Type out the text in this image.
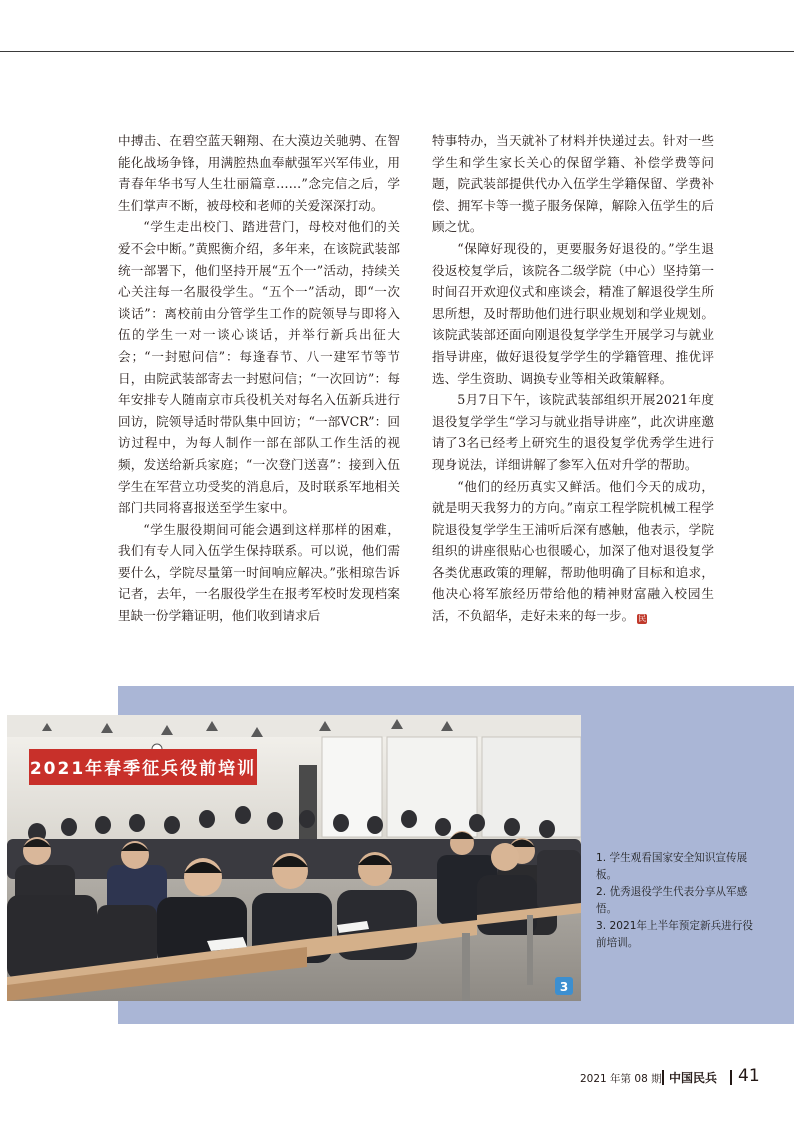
中搏击、在碧空蓝天翱翔、在大漠边关驰骋、在智能化战场争锋，用满腔热血奉献强军兴军伟业，用青春年华书写人生壮丽篇章……”念完信之后，学生们掌声不断，被母校和老师的关爱深深打动。

“学生走出校门、踏进营门，母校对他们的关爱不会中断。”黄熙衡介绍，多年来，在该院武装部统一部署下，他们坚持开展“五个一”活动，持续关心关注每一名服役学生。“五个一”活动，即“一次谈话”：离校前由分管学生工作的院领导与即将入伍的学生一对一谈心谈话，并举行新兵出征大会；“一封慰问信”：每逢春节、八一建军节等节日，由院武装部寄去一封慰问信；“一次回访”：每年安排专人随南京市兵役机关对每名入伍新兵进行回访，院领导适时带队集中回访；“一部VCR”：回访过程中，为每人制作一部在部队工作生活的视频，发送给新兵家庭；“一次登门送喜”：接到入伍学生在军营立功受奖的消息后，及时联系军地相关部门共同将喜报送至学生家中。

“学生服役期间可能会遇到这样那样的困难，我们有专人同入伍学生保持联系。可以说，他们需要什么，学院尽量第一时间响应解决。”张相琼告诉记者，去年，一名服役学生在报考军校时发现档案里缺一份学籍证明，他们收到请求后

特事特办，当天就补了材料并快递过去。针对一些学生和学生家长关心的保留学籍、补偿学费等问题，院武装部提供代办入伍学生学籍保留、学费补偿、拥军卡等一揽子服务保障，解除入伍学生的后顾之忧。

“保障好现役的，更要服务好退役的。”学生退役返校复学后，该院各二级学院（中心）坚持第一时间召开欢迎仪式和座谈会，精准了解退役学生所思所想，及时帮助他们进行职业规划和学业规划。该院武装部还面向刚退役复学学生开展学习与就业指导讲座，做好退役复学学生的学籍管理、推优评选、学生资助、调换专业等相关政策解释。

5月7日下午，该院武装部组织开展2021年度退役复学学生“学习与就业指导讲座”，此次讲座邀请了3名已经考上研究生的退役复学优秀学生进行现身说法，详细讲解了参军入伍对升学的帮助。

“他们的经历真实又鲜活。他们今天的成功，就是明天我努力的方向。”南京工程学院机械工程学院退役复学学生王浦听后深有感触，他表示，学院组织的讲座很贴心也很暖心，加深了他对退役复学各类优惠政策的理解，帮助他明确了目标和追求，他决心将军旅经历带给他的精神财富融入校园生活，不负韶华，走好未来的每一步。 民

2021年春季征兵役前培训
3
1. 学生观看国家安全知识宣传展板。
2. 优秀退役学生代表分享从军感悟。
3. 2021年上半年预定新兵进行役前培训。
2021 年第 08 期 中国民兵 41
